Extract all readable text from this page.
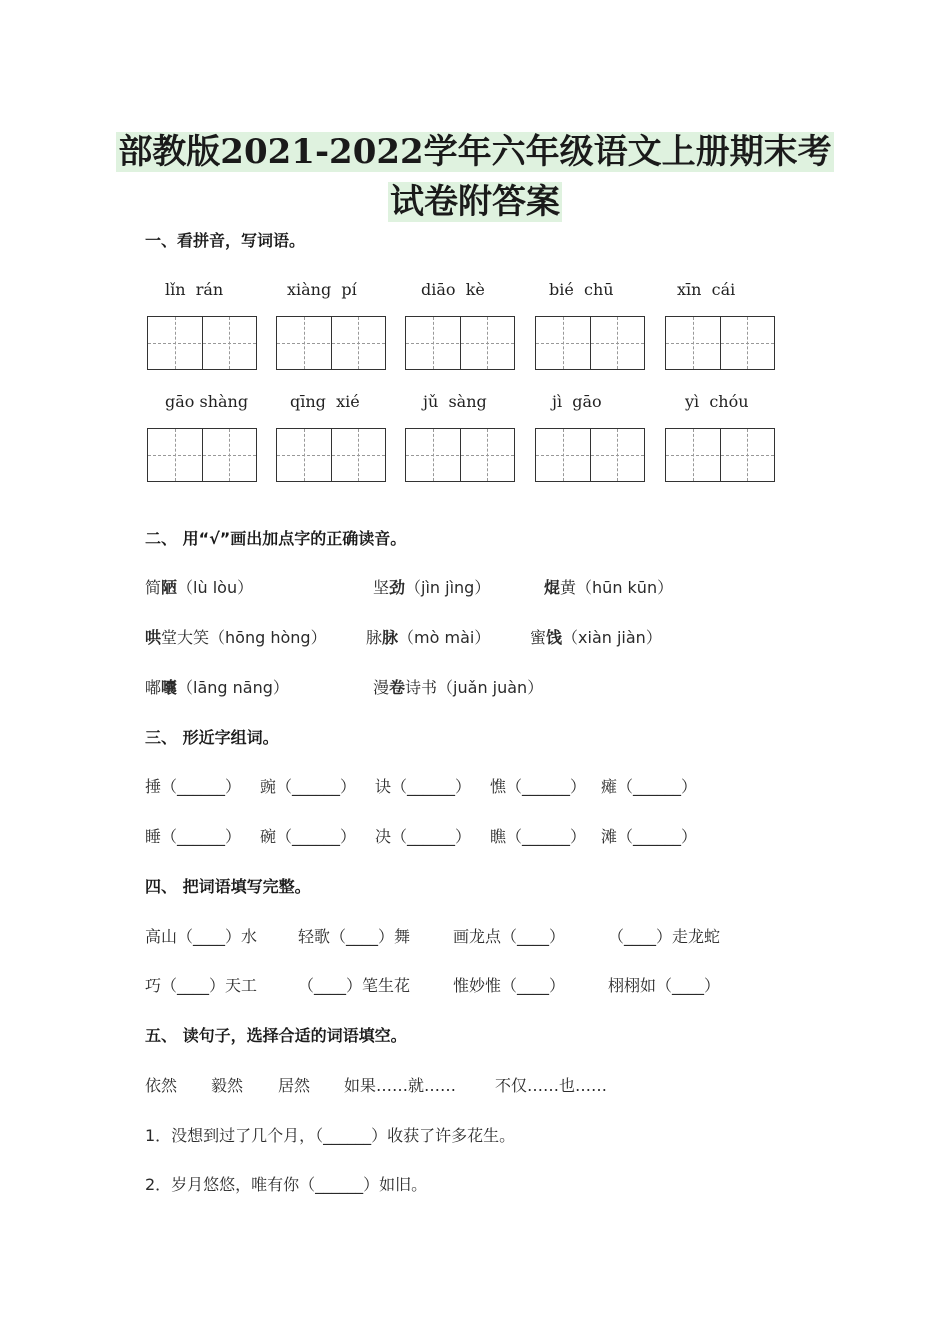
部教版2021-2022学年六年级语文上册期末考
试卷附答案
一、看拼音，写词语。
lǐn  rán	xiàng  pí	diāo  kè	bié  chū	xīn  cái
gāo shàng	qīng  xié	jǔ  sàng	jì  gāo	yì  chóu
二、 用“√”画出加点字的正确读音。
简陋（lù lòu）	坚劲（jìn jìng）	焜黄（hūn kūn）
哄堂大笑（hōng hòng） 脉脉（mò mài） 蜜饯（xiàn jiàn）
嘟囔（lāng nāng）	漫卷诗书（juǎn juàn）
三、 形近字组词。
捶（______） 豌（______） 诀（______） 憔（______） 瘫（______）
睡（______） 碗（______） 决（______） 瞧（______） 滩（______）
四、 把词语填写完整。
高山（____）水	轻歌（____）舞	画龙点（____）	（____）走龙蛇
巧（____）天工	（____）笔生花	惟妙惟（____）	栩栩如（____）
五、 读句子，选择合适的词语填空。
依然 毅然 居然 如果……就…… 不仅……也……
1．没想到过了几个月，（______）收获了许多花生。
2．岁月悠悠，唯有你（______）如旧。
